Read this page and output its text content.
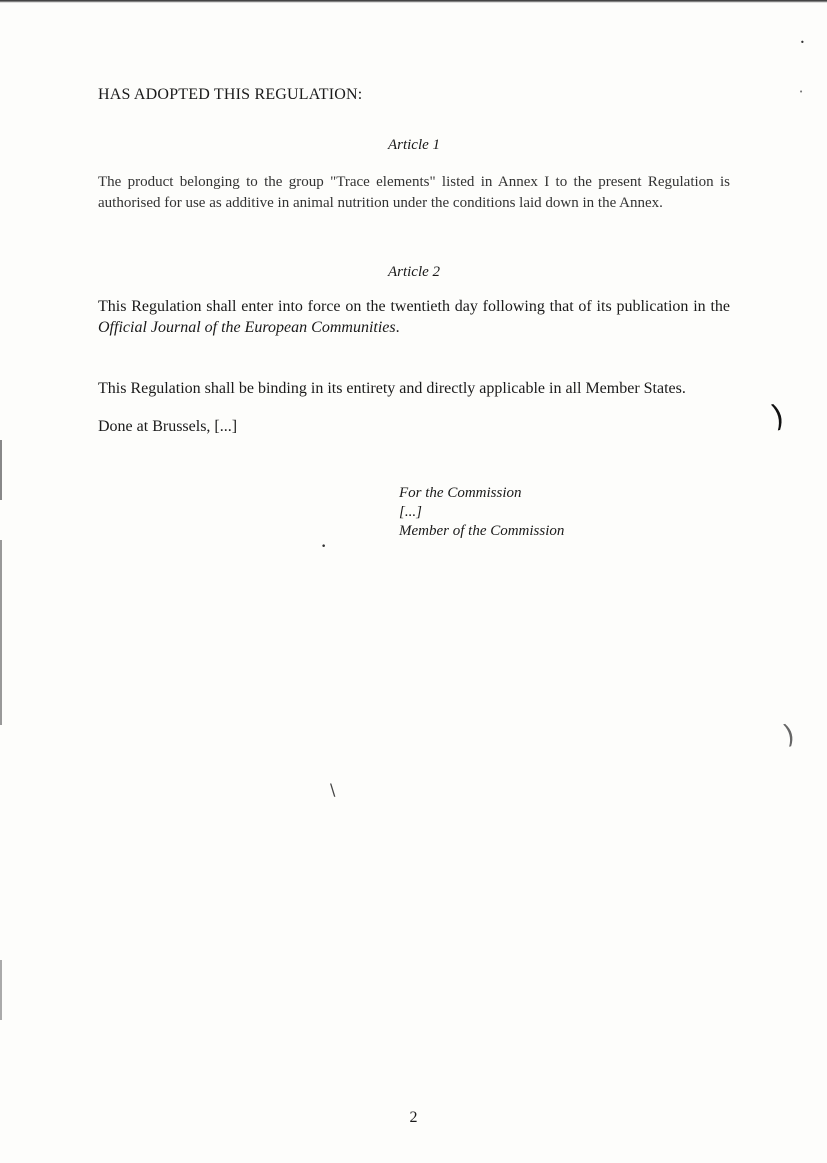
HAS ADOPTED THIS REGULATION:

Article 1

The product belonging to the group "Trace elements" listed in Annex I to the present Regulation is authorised for use as additive in animal nutrition under the conditions laid down in the Annex.

Article 2

This Regulation shall enter into force on the twentieth day following that of its publication in the Official Journal of the European Communities.

This Regulation shall be binding in its entirety and directly applicable in all Member States.

Done at Brussels, [...]

For the Commission

[...]

Member of the Commission

2

•
•
•
)
)
\
